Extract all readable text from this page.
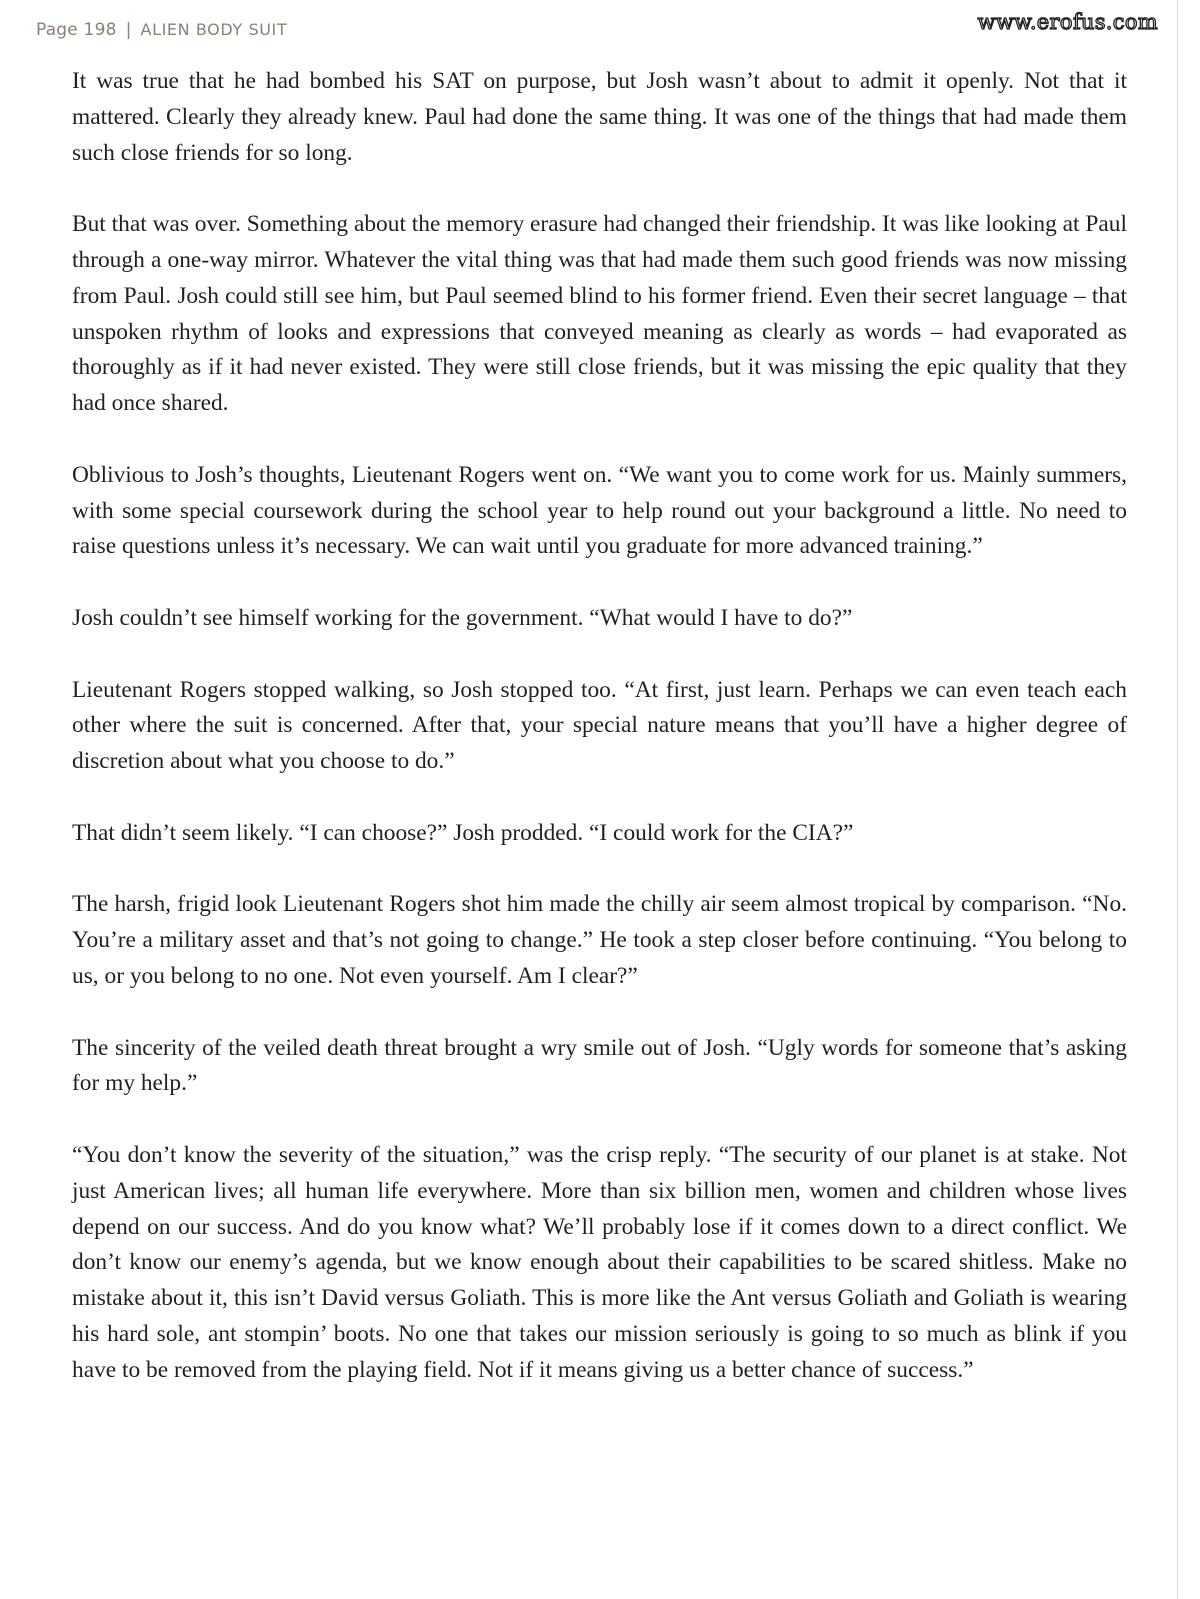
Page 198 | ALIEN BODY SUIT	www.erofus.com

It was true that he had bombed his SAT on purpose, but Josh wasn’t about to admit it openly. Not that it mattered. Clearly they already knew. Paul had done the same thing. It was one of the things that had made them such close friends for so long.

But that was over. Something about the memory erasure had changed their friendship. It was like looking at Paul through a one-way mirror. Whatever the vital thing was that had made them such good friends was now missing from Paul. Josh could still see him, but Paul seemed blind to his former friend. Even their secret language – that unspoken rhythm of looks and expressions that conveyed meaning as clearly as words – had evaporated as thoroughly as if it had never existed. They were still close friends, but it was missing the epic quality that they had once shared.

Oblivious to Josh’s thoughts, Lieutenant Rogers went on. “We want you to come work for us. Mainly summers, with some special coursework during the school year to help round out your background a little. No need to raise questions unless it’s necessary. We can wait until you graduate for more advanced training.”

Josh couldn’t see himself working for the government. “What would I have to do?”

Lieutenant Rogers stopped walking, so Josh stopped too. “At first, just learn. Perhaps we can even teach each other where the suit is concerned. After that, your special nature means that you’ll have a higher degree of discretion about what you choose to do.”

That didn’t seem likely. “I can choose?” Josh prodded. “I could work for the CIA?”

The harsh, frigid look Lieutenant Rogers shot him made the chilly air seem almost tropical by comparison. “No. You’re a military asset and that’s not going to change.” He took a step closer before continuing. “You belong to us, or you belong to no one. Not even yourself. Am I clear?”

The sincerity of the veiled death threat brought a wry smile out of Josh. “Ugly words for someone that’s asking for my help.”

“You don’t know the severity of the situation,” was the crisp reply. “The security of our planet is at stake. Not just American lives; all human life everywhere. More than six billion men, women and children whose lives depend on our success. And do you know what? We’ll probably lose if it comes down to a direct conflict. We don’t know our enemy’s agenda, but we know enough about their capabilities to be scared shitless. Make no mistake about it, this isn’t David versus Goliath. This is more like the Ant versus Goliath and Goliath is wearing his hard sole, ant stompin’ boots. No one that takes our mission seriously is going to so much as blink if you have to be removed from the playing field. Not if it means giving us a better chance of success.”
